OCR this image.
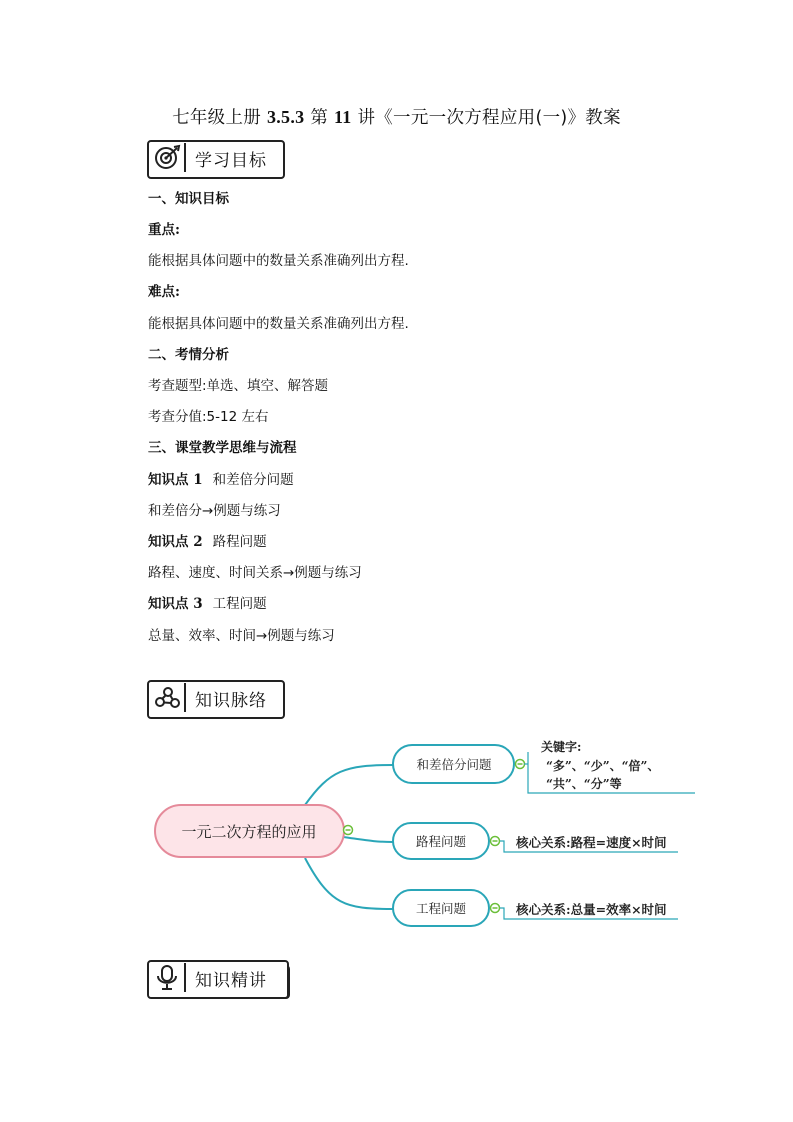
七年级上册 3.5.3 第 11 讲《一元一次方程应用(一)》教案
学习目标
一、知识目标
重点:
能根据具体问题中的数量关系准确列出方程.
难点:
能根据具体问题中的数量关系准确列出方程.
二、考情分析
考查题型:单选、填空、解答题
考查分值:5-12 左右
三、课堂教学思维与流程
知识点 1 和差倍分问题
和差倍分→例题与练习
知识点 2 路程问题
路程、速度、时间关系→例题与练习
知识点 3 工程问题
总量、效率、时间→例题与练习
知识脉络
一元二次方程的应用
和差倍分问题
关键字:
“多”、“少”、“倍”、
“共”、“分”等
路程问题	核心关系:路程=速度×时间
工程问题	核心关系:总量=效率×时间
知识精讲
